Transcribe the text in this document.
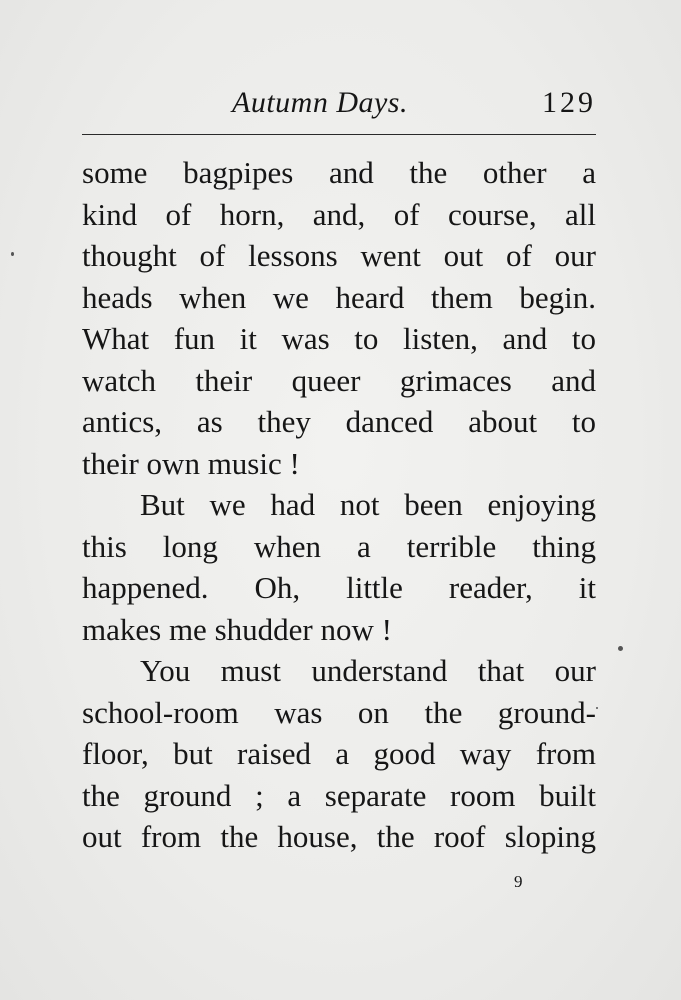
Autumn Days.	129
some bagpipes and the other a
kind of horn, and, of course, all
thought of lessons went out of our
heads when we heard them begin.
What fun it was to listen, and to
watch their queer grimaces and
antics, as they danced about to
their own music !
But we had not been enjoying
this long when a terrible thing
happened. Oh, little reader, it
makes me shudder now !
You must understand that our
school-room was on the ground-
floor, but raised a good way from
the ground ; a separate room built
out from the house, the roof sloping
9
